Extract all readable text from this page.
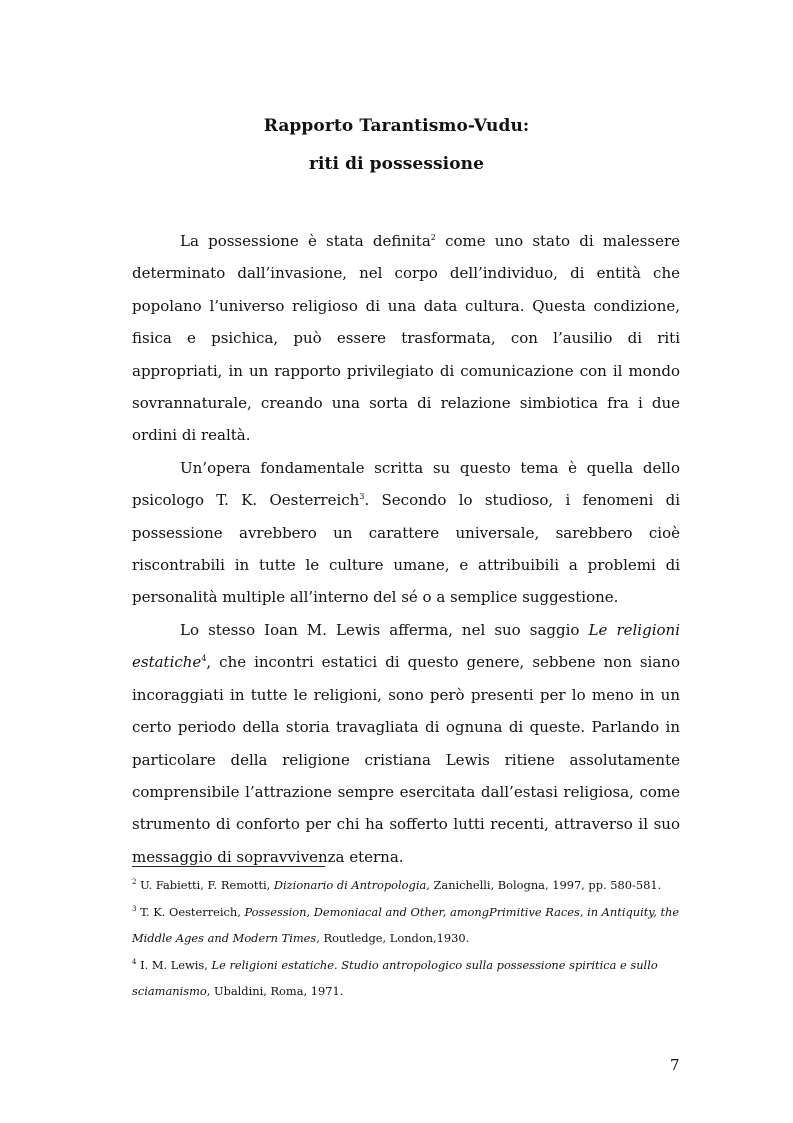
Rapporto Tarantismo-Vudu:
riti di possessione

La possessione è stata definita$^2$ come uno stato di malessere determinato dall’invasione, nel corpo dell’individuo, di entità che popolano l’universo religioso di una data cultura. Questa condizione, fisica e psichica, può essere trasformata, con l’ausilio di riti appropriati, in un rapporto privilegiato di comunicazione con il mondo sovrannaturale, creando una sorta di relazione simbiotica fra i due ordini di realtà.

Un’opera fondamentale scritta su questo tema è quella dello psicologo T. K. Oesterreich$^3$. Secondo lo studioso, i fenomeni di possessione avrebbero un carattere universale, sarebbero cioè riscontrabili in tutte le culture umane, e attribuibili a problemi di personalità multiple all’interno del sé o a semplice suggestione.

Lo stesso Ioan M. Lewis afferma, nel suo saggio Le religioni estatiche$^4$, che incontri estatici di questo genere, sebbene non siano incoraggiati in tutte le religioni, sono però presenti per lo meno in un certo periodo della storia travagliata di ognuna di queste. Parlando in particolare della religione cristiana Lewis ritiene assolutamente comprensibile l’attrazione sempre esercitata dall’estasi religiosa, come strumento di conforto per chi ha sofferto lutti recenti, attraverso il suo messaggio di sopravvivenza eterna.

$^2$ U. Fabietti, F. Remotti, Dizionario di Antropologia, Zanichelli, Bologna, 1997, pp. 580-581.

$^3$ T. K. Oesterreich, Possession, Demoniacal and Other, amongPrimitive Races, in Antiquity, the Middle Ages and Modern Times, Routledge, London,1930.

$^4$ I. M. Lewis, Le religioni estatiche. Studio antropologico sulla possessione spiritica e sullo sciamanismo, Ubaldini, Roma, 1971.

7
